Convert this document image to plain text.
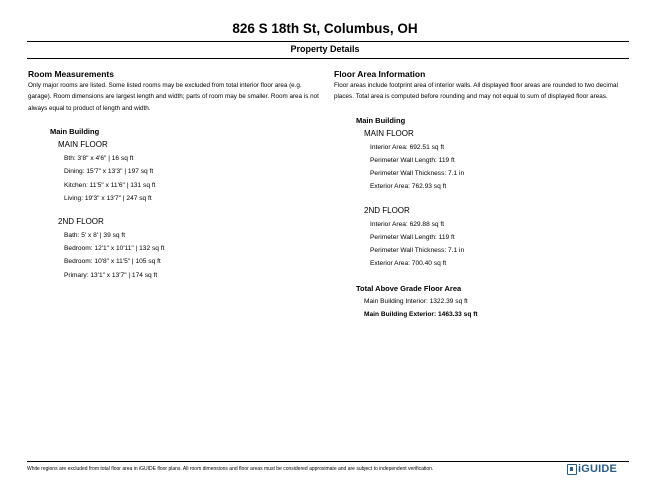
826 S 18th St, Columbus, OH
Property Details
Room Measurements
Only major rooms are listed. Some listed rooms may be excluded from total interior floor area (e.g. garage). Room dimensions are largest length and width; parts of room may be smaller. Room area is not always equal to product of length and width.
Main Building
MAIN FLOOR
Bth: 3'8" x 4'6" | 16 sq ft
Dining: 15'7" x 13'3" | 197 sq ft
Kitchen: 11'5" x 11'6" | 131 sq ft
Living: 19'3" x 13'7" | 247 sq ft
2ND FLOOR
Bath: 5' x 8' | 39 sq ft
Bedroom: 12'1" x 10'11" | 132 sq ft
Bedroom: 10'8" x 11'5" | 105 sq ft
Primary: 13'1" x 13'7" | 174 sq ft
Floor Area Information
Floor areas include footprint area of interior walls. All displayed floor areas are rounded to two decimal places. Total area is computed before rounding and may not equal to sum of displayed floor areas.
Main Building
MAIN FLOOR
Interior Area: 692.51 sq ft
Perimeter Wall Length: 119 ft
Perimeter Wall Thickness: 7.1 in
Exterior Area: 762.93 sq ft
2ND FLOOR
Interior Area: 629.88 sq ft
Perimeter Wall Length: 119 ft
Perimeter Wall Thickness: 7.1 in
Exterior Area: 700.40 sq ft
Total Above Grade Floor Area
Main Building Interior: 1322.39 sq ft
Main Building Exterior: 1463.33 sq ft
White regions are excluded from total floor area in iGUIDE floor plans. All room dimensions and floor areas must be considered approximate and are subject to independent verification.	iGUIDE
